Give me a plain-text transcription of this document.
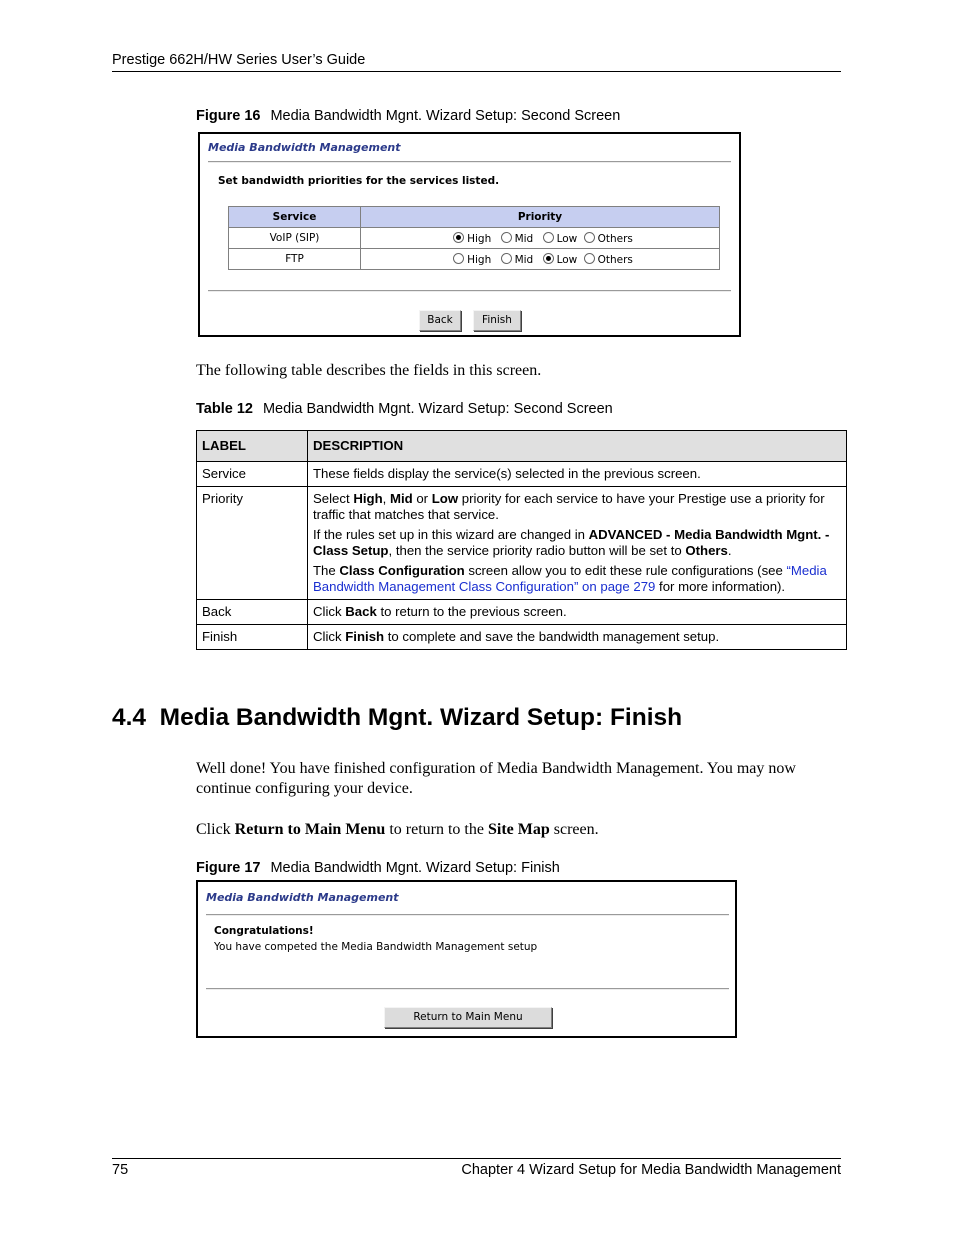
Prestige 662H/HW Series User’s Guide
Figure 16 Media Bandwidth Mgnt. Wizard Setup: Second Screen
Media Bandwidth Management
Set bandwidth priorities for the services listed.
Service	Priority
VoIP (SIP)	High Mid Low Others
FTP	High Mid Low Others
Back	Finish
The following table describes the fields in this screen.
Table 12 Media Bandwidth Mgnt. Wizard Setup: Second Screen
LABEL	DESCRIPTION
Service	These fields display the service(s) selected in the previous screen.
Priority	Select High, Mid or Low priority for each service to have your Prestige use a priority for traffic that matches that service.

If the rules set up in this wizard are changed in ADVANCED - Media Bandwidth Mgnt. - Class Setup, then the service priority radio button will be set to Others.

The Class Configuration screen allow you to edit these rule configurations (see “Media Bandwidth Management Class Configuration” on page 279 for more information).

Back	Click Back to return to the previous screen.
Finish	Click Finish to complete and save the bandwidth management setup.
4.4  Media Bandwidth Mgnt. Wizard Setup: Finish
Well done! You have finished configuration of Media Bandwidth Management. You may now continue configuring your device.
Click Return to Main Menu to return to the Site Map screen.
Figure 17 Media Bandwidth Mgnt. Wizard Setup: Finish
Media Bandwidth Management
Congratulations!
You have competed the Media Bandwidth Management setup
Return to Main Menu
75	Chapter 4 Wizard Setup for Media Bandwidth Management
